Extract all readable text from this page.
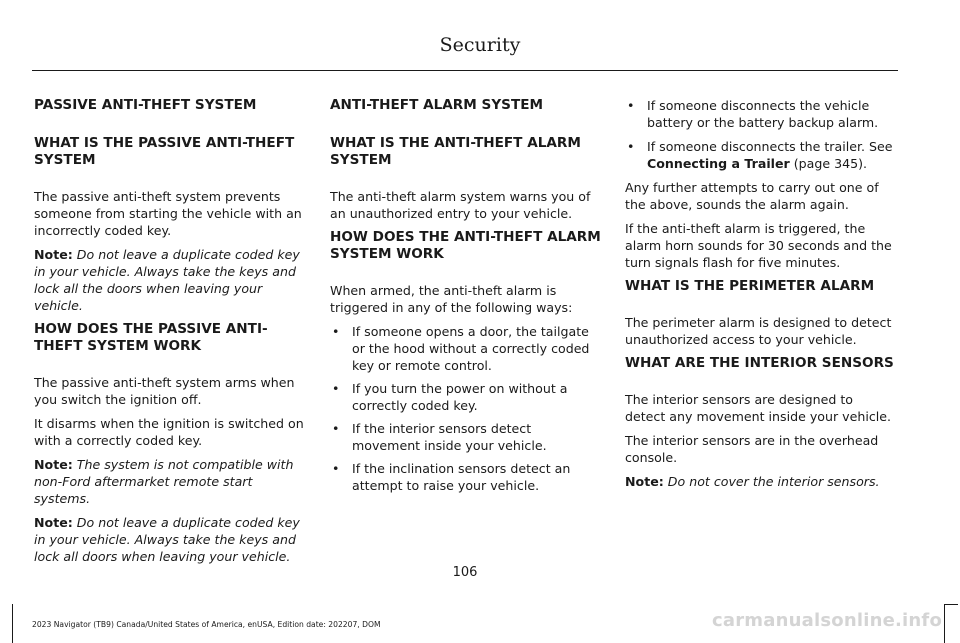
Security
PASSIVE ANTI-THEFT SYSTEM
WHAT IS THE PASSIVE ANTI-THEFT SYSTEM

The passive anti-theft system prevents someone from starting the vehicle with an incorrectly coded key.

Note: Do not leave a duplicate coded key in your vehicle. Always take the keys and lock all the doors when leaving your vehicle.

HOW DOES THE PASSIVE ANTI-THEFT SYSTEM WORK

The passive anti-theft system arms when you switch the ignition off.

It disarms when the ignition is switched on with a correctly coded key.

Note: The system is not compatible with non-Ford aftermarket remote start systems.

Note: Do not leave a duplicate coded key in your vehicle. Always take the keys and lock all doors when leaving your vehicle.

ANTI-THEFT ALARM SYSTEM
WHAT IS THE ANTI-THEFT ALARM SYSTEM

The anti-theft alarm system warns you of an unauthorized entry to your vehicle.

HOW DOES THE ANTI-THEFT ALARM SYSTEM WORK

When armed, the anti-theft alarm is triggered in any of the following ways:

• If someone opens a door, the tailgate or the hood without a correctly coded key or remote control.
• If you turn the power on without a correctly coded key.
• If the interior sensors detect movement inside your vehicle.
• If the inclination sensors detect an attempt to raise your vehicle.
• If someone disconnects the vehicle battery or the battery backup alarm.
• If someone disconnects the trailer. See Connecting a Trailer (page 345).

Any further attempts to carry out one of the above, sounds the alarm again.

If the anti-theft alarm is triggered, the alarm horn sounds for 30 seconds and the turn signals flash for five minutes.

WHAT IS THE PERIMETER ALARM

The perimeter alarm is designed to detect unauthorized access to your vehicle.

WHAT ARE THE INTERIOR SENSORS

The interior sensors are designed to detect any movement inside your vehicle.

The interior sensors are in the overhead console.

Note: Do not cover the interior sensors.

106
2023 Navigator (TB9) Canada/United States of America, enUSA, Edition date: 202207, DOM	carmanualsonline.info
